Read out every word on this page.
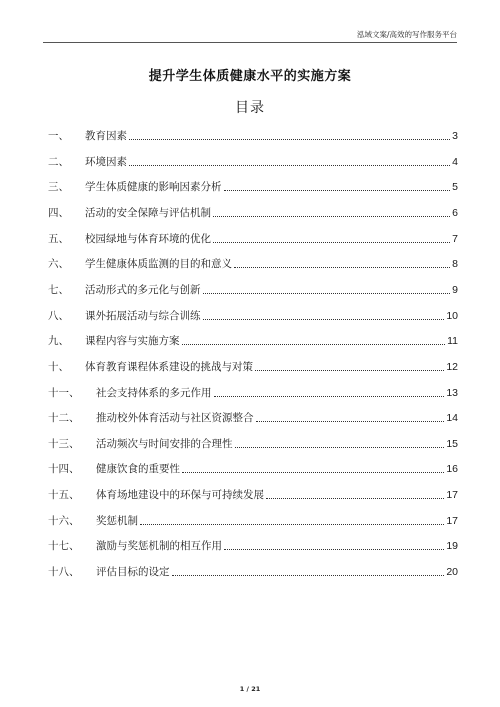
泓域文案/高效的写作服务平台
提升学生体质健康水平的实施方案
目录
一、	教育因素	3
二、	环境因素	4
三、	学生体质健康的影响因素分析	5
四、	活动的安全保障与评估机制	6
五、	校园绿地与体育环境的优化	7
六、	学生健康体质监测的目的和意义	8
七、	活动形式的多元化与创新	9
八、	课外拓展活动与综合训练	10
九、	课程内容与实施方案	11
十、	体育教育课程体系建设的挑战与对策	12
十一、	社会支持体系的多元作用	13
十二、	推动校外体育活动与社区资源整合	14
十三、	活动频次与时间安排的合理性	15
十四、	健康饮食的重要性	16
十五、	体育场地建设中的环保与可持续发展	17
十六、	奖惩机制	17
十七、	激励与奖惩机制的相互作用	19
十八、	评估目标的设定	20
1 / 21
